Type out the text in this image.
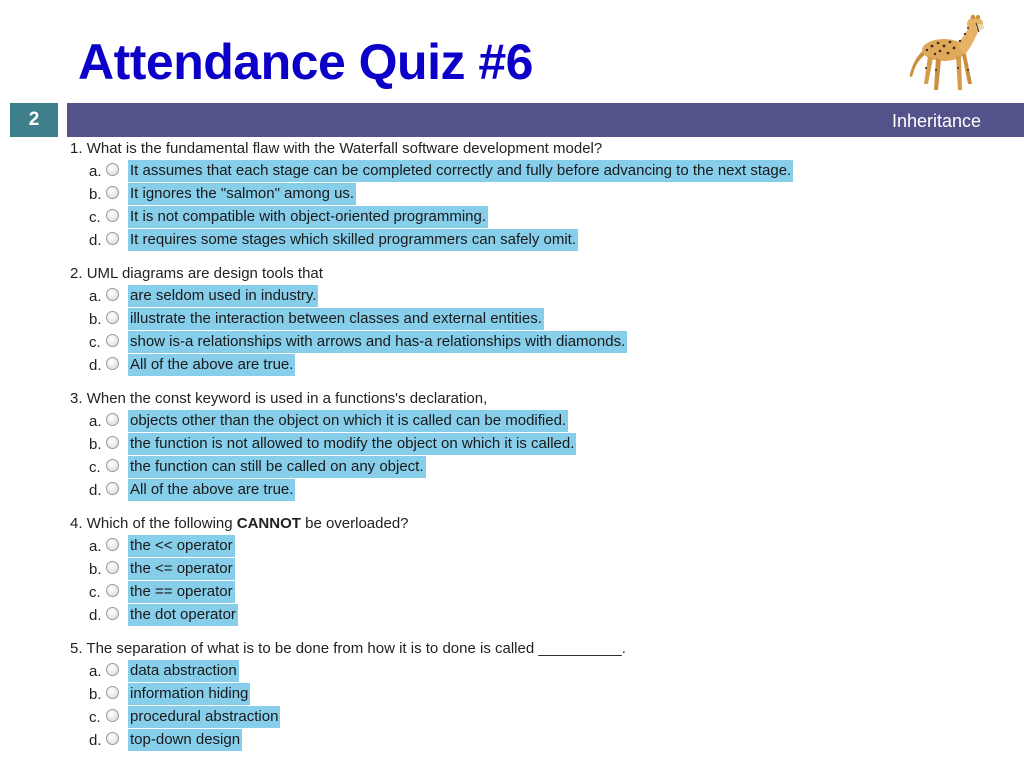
Attendance Quiz #6
2	Inheritance
1. What is the fundamental flaw with the Waterfall software development model?
a. It assumes that each stage can be completed correctly and fully before advancing to the next stage.
b. It ignores the "salmon" among us.
c. It is not compatible with object-oriented programming.
d. It requires some stages which skilled programmers can safely omit.
2. UML diagrams are design tools that
a. are seldom used in industry.
b. illustrate the interaction between classes and external entities.
c. show is-a relationships with arrows and has-a relationships with diamonds.
d. All of the above are true.
3. When the const keyword is used in a functions's declaration,
a. objects other than the object on which it is called can be modified.
b. the function is not allowed to modify the object on which it is called.
c. the function can still be called on any object.
d. All of the above are true.
4. Which of the following CANNOT be overloaded?
a. the << operator
b. the <= operator
c. the == operator
d. the dot operator
5. The separation of what is to be done from how it is to done is called __________.
a. data abstraction
b. information hiding
c. procedural abstraction
d. top-down design
